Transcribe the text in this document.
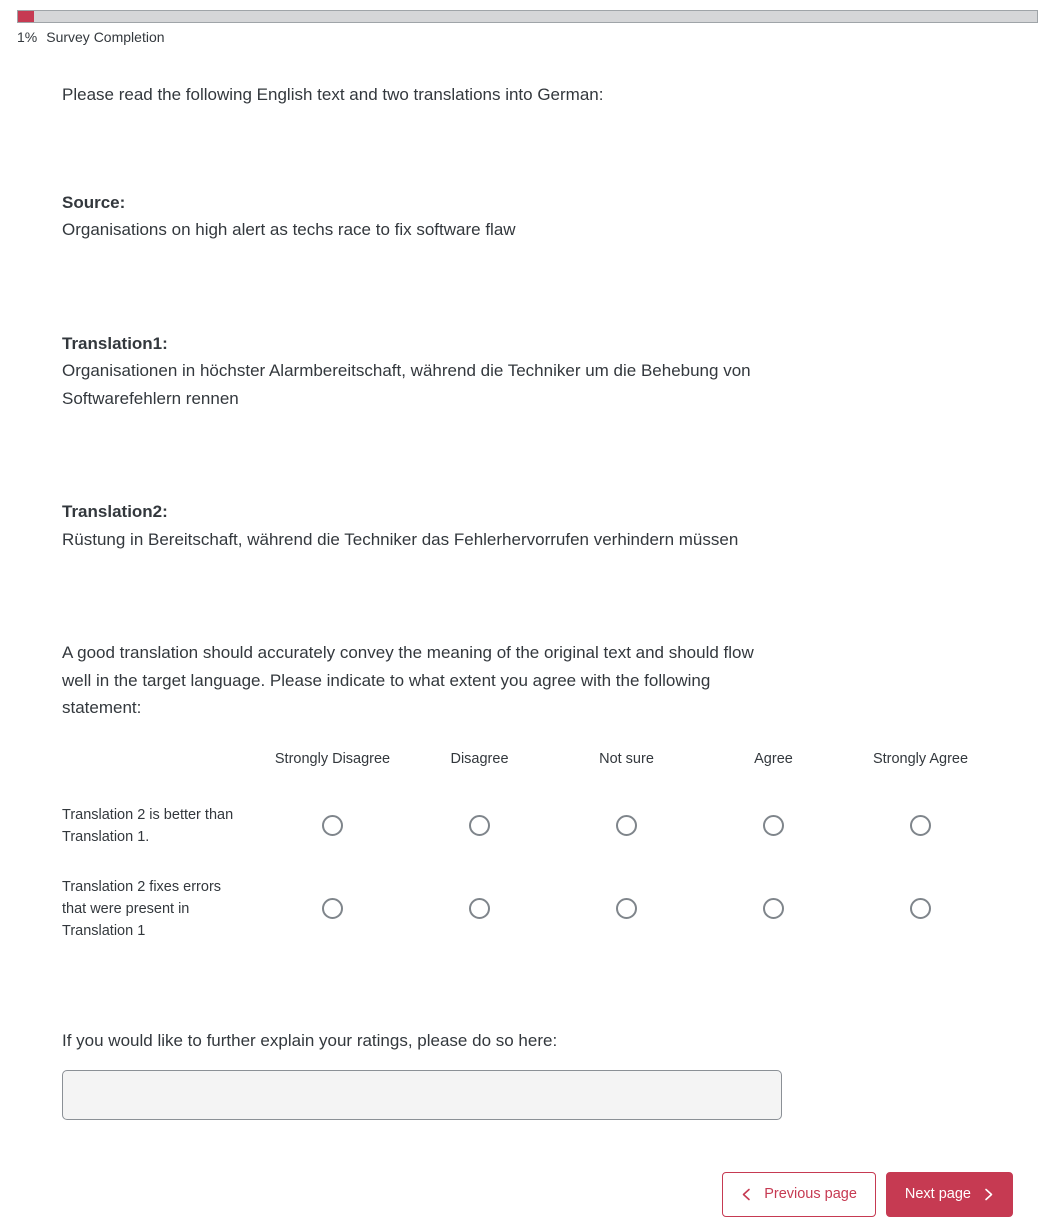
1% Survey Completion

Please read the following English text and two translations into German:

Source:
Organisations on high alert as techs race to fix software flaw
Translation1:
Organisationen in höchster Alarmbereitschaft, während die Techniker um die Behebung von Softwarefehlern rennen
Translation2:
Rüstung in Bereitschaft, während die Techniker das Fehlerhervorrufen verhindern müssen

A good translation should accurately convey the meaning of the original text and should flow well in the target language. Please indicate to what extent you agree with the following statement:

Strongly Disagree	Disagree	Not sure	Agree	Strongly Agree
Translation 2 is better than Translation 1.
Translation 2 fixes errors that were present in Translation 1
If you would like to further explain your ratings, please do so here:
Previous page	Next page
